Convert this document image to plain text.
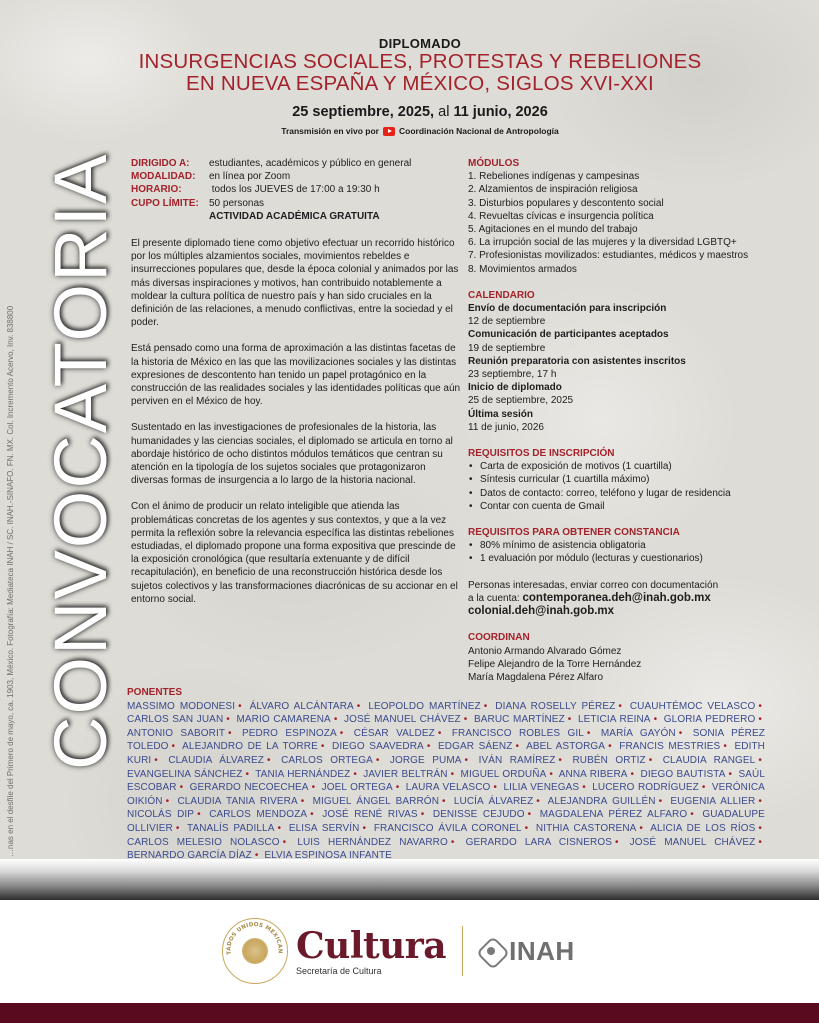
…nas en el desfile del Primero de mayo, ca. 1903, México. Fotografía: Mediateca INAH / SC. INAH.-SINAFO. FN. MX. Col. Incremento Acervo, Inv. 838800 CONVOCATORIA
DIPLOMADO
INSURGENCIAS SOCIALES, PROTESTAS Y REBELIONES
EN NUEVA ESPAÑA Y MÉXICO, SIGLOS XVI-XXI
25 septiembre, 2025, al 11 junio, 2026
Transmisión en vivo por Coordinación Nacional de Antropología
DIRIGIDO A:	estudiantes, académicos y público en general
MODALIDAD:	en línea por Zoom
HORARIO:	todos los JUEVES de 17:00 a 19:30 h
CUPO LÍMITE:	50 personas
ACTIVIDAD ACADÉMICA GRATUITA

El presente diplomado tiene como objetivo efectuar un recorrido histórico por los múltiples alzamientos sociales, movimientos rebeldes e insurrecciones populares que, desde la época colonial y animados por las más diversas inspiraciones y motivos, han contribuido notablemente a moldear la cultura política de nuestro país y han sido cruciales en la definición de las relaciones, a menudo conflictivas, entre la sociedad y el poder.

Está pensado como una forma de aproximación a las distintas facetas de la historia de México en las que las movilizaciones sociales y las distintas expresiones de descontento han tenido un papel protagónico en la construcción de las realidades sociales y las identidades políticas que aún perviven en el México de hoy.

Sustentado en las investigaciones de profesionales de la historia, las humanidades y las ciencias sociales, el diplomado se articula en torno al abordaje histórico de ocho distintos módulos temáticos que centran su atención en la tipología de los sujetos sociales que protagonizaron diversas formas de insurgencia a lo largo de la historia nacional.

Con el ánimo de producir un relato inteligible que atienda las problemáticas concretas de los agentes y sus contextos, y que a la vez permita la reflexión sobre la relevancia específica las distintas rebeliones estudiadas, el diplomado propone una forma expositiva que prescinde de la exposición cronológica (que resultaría extenuante y de difícil recapitulación), en beneficio de una reconstrucción histórica desde los sujetos colectivos y las transformaciones diacrónicas de su accionar en el entorno social.

MÓDULOS
1. Rebeliones indígenas y campesinas
2. Alzamientos de inspiración religiosa
3. Disturbios populares y descontento social
4. Revueltas cívicas e insurgencia política
5. Agitaciones en el mundo del trabajo
6. La irrupción social de las mujeres y la diversidad LGBTQ+
7. Profesionistas movilizados: estudiantes, médicos y maestros
8. Movimientos armados
CALENDARIO
Envío de documentación para inscripción
12 de septiembre
Comunicación de participantes aceptados
19 de septiembre
Reunión preparatoria con asistentes inscritos
23 septiembre, 17 h
Inicio de diplomado
25 de septiembre, 2025
Última sesión
11 de junio, 2026
REQUISITOS DE INSCRIPCIÓN
• Carta de exposición de motivos (1 cuartilla)
• Síntesis curricular (1 cuartilla máximo)
• Datos de contacto: correo, teléfono y lugar de residencia
• Contar con cuenta de Gmail
REQUISITOS PARA OBTENER CONSTANCIA
• 80% mínimo de asistencia obligatoria
• 1 evaluación por módulo (lecturas y cuestionarios)
Personas interesadas, enviar correo con documentación
a la cuenta: contemporanea.deh@inah.gob.mx
colonial.deh@inah.gob.mx
COORDINAN
Antonio Armando Alvarado Gómez
Felipe Alejandro de la Torre Hernández
María Magdalena Pérez Alfaro
PONENTES
MASSIMO MODONESI • ÁLVARO ALCÁNTARA • LEOPOLDO MARTÍNEZ • DIANA ROSELLY PÉREZ • CUAUHTÉMOC VELASCO • CARLOS SAN JUAN • MARIO CAMARENA • JOSÉ MANUEL CHÁVEZ • BARUC MARTÍNEZ • LETICIA REINA • GLORIA PEDRERO • ANTONIO SABORIT • PEDRO ESPINOZA • CÉSAR VALDEZ • FRANCISCO ROBLES GIL • MARÍA GAYÓN • SONIA PÉREZ TOLEDO • ALEJANDRO DE LA TORRE • DIEGO SAAVEDRA • EDGAR SÁENZ • ABEL ASTORGA • FRANCIS MESTRIES • EDITH KURI • CLAUDIA ÁLVAREZ • CARLOS ORTEGA • JORGE PUMA • IVÁN RAMÍREZ • RUBÉN ORTIZ • CLAUDIA RANGEL • EVANGELINA SÁNCHEZ • TANIA HERNÁNDEZ • JAVIER BELTRÁN • MIGUEL ORDUÑA • ANNA RIBERA • DIEGO BAUTISTA • SAÚL ESCOBAR • GERARDO NECOECHEA • JOEL ORTEGA • LAURA VELASCO • LILIA VENEGAS • LUCERO RODRÍGUEZ • VERÓNICA OIKIÓN • CLAUDIA TANIA RIVERA • MIGUEL ÁNGEL BARRÓN • LUCÍA ÁLVAREZ • ALEJANDRA GUILLÉN • EUGENIA ALLIER • NICOLÁS DIP • CARLOS MENDOZA • JOSÉ RENÉ RIVAS • DENISSE CEJUDO • MAGDALENA PÉREZ ALFARO • GUADALUPE OLLIVIER • TANALÍS PADILLA • ELISA SERVÍN • FRANCISCO ÁVILA CORONEL • NITHIA CASTORENA • ALICIA DE LOS RÍOS • CARLOS MELESIO NOLASCO • LUIS HERNÁNDEZ NAVARRO • GERARDO LARA CISNEROS • JOSÉ MANUEL CHÁVEZ • BERNARDO GARCÍA DÍAZ • ELVIA ESPINOSA INFANTE
ESTADOS UNIDOS MEXICANOS
Cultura
Secretaría de Cultura
INAH
